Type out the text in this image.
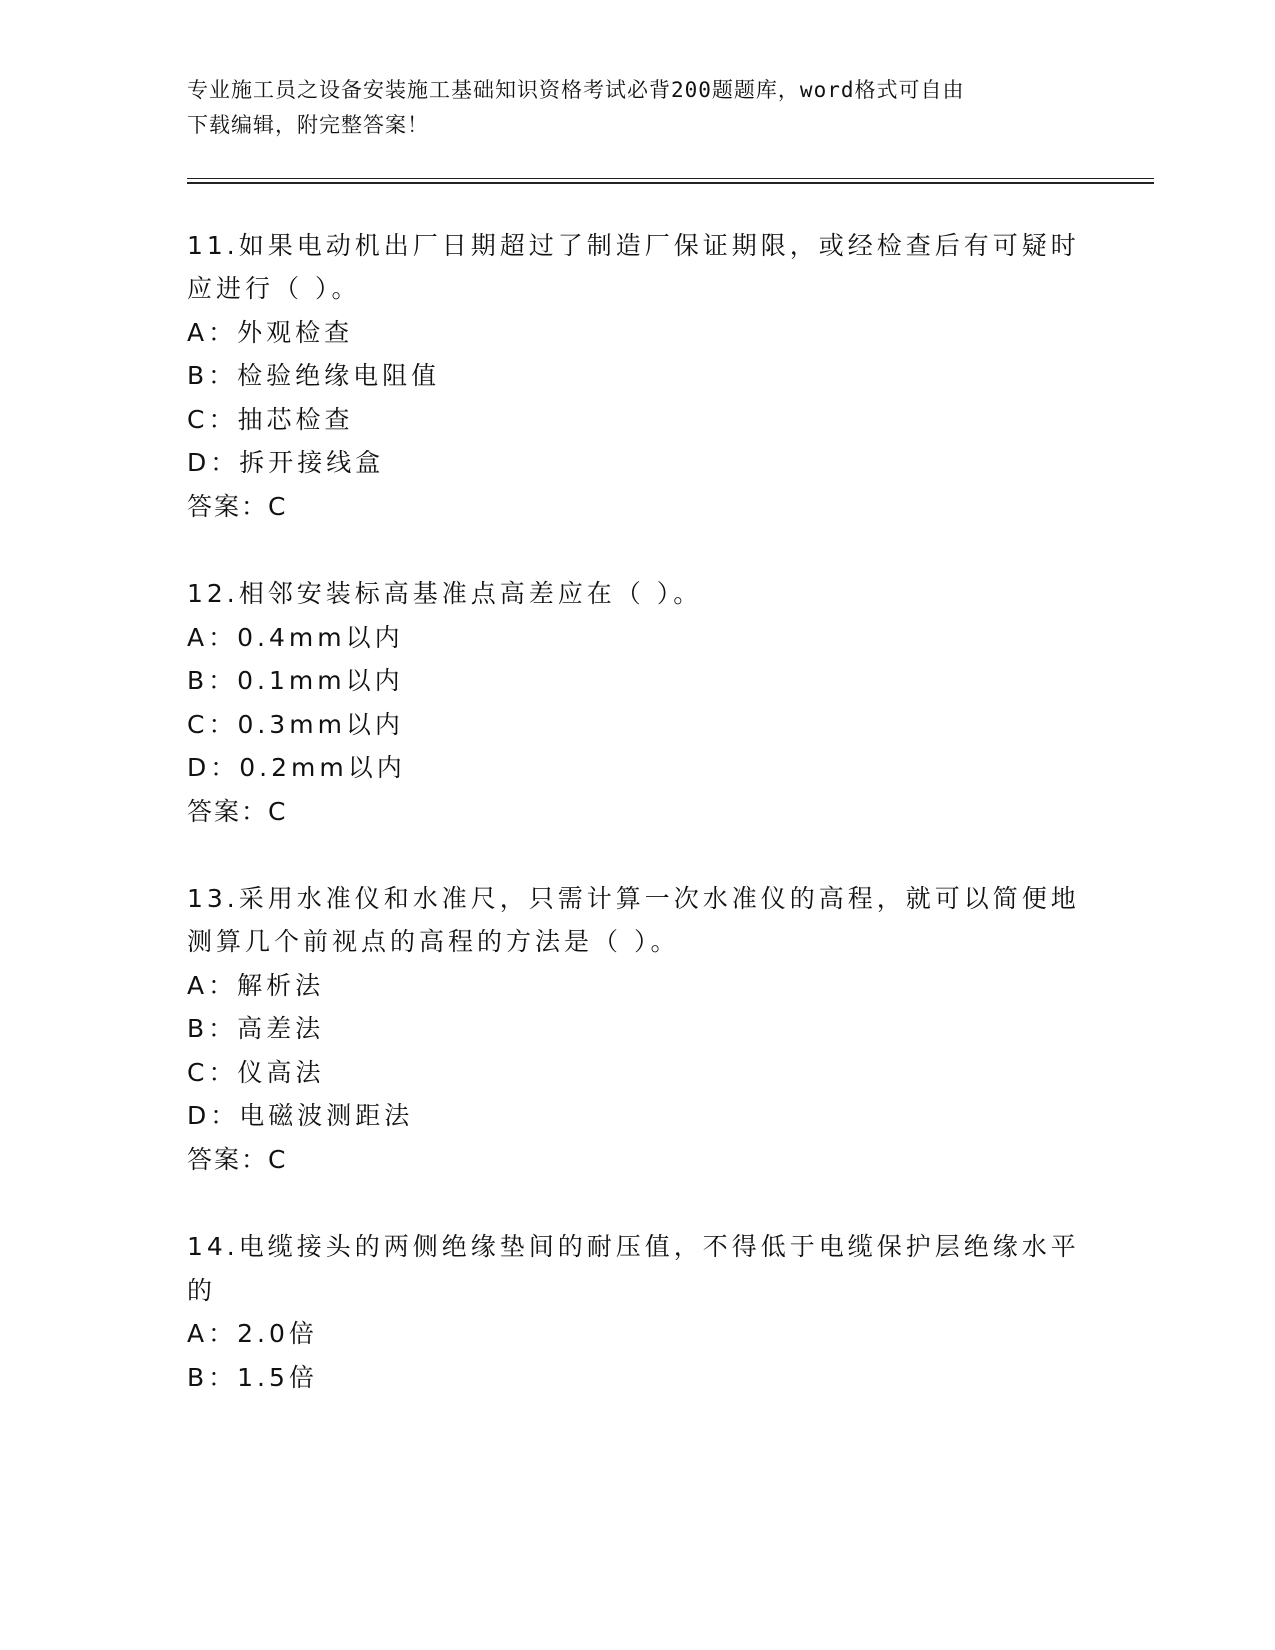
专业施工员之设备安装施工基础知识资格考试必背200题题库，word格式可自由
下载编辑，附完整答案！
11.如果电动机出厂日期超过了制造厂保证期限，或经检查后有可疑时
应进行（ ）。
A：外观检查
B：检验绝缘电阻值
C：抽芯检查
D：拆开接线盒
答案：C
12.相邻安装标高基准点高差应在（ ）。
A：0.4mm以内
B：0.1mm以内
C：0.3mm以内
D：0.2mm以内
答案：C
13.采用水准仪和水准尺，只需计算一次水准仪的高程，就可以简便地
测算几个前视点的高程的方法是（ ）。
A：解析法
B：高差法
C：仪高法
D：电磁波测距法
答案：C
14.电缆接头的两侧绝缘垫间的耐压值，不得低于电缆保护层绝缘水平
的
A：2.0倍
B：1.5倍
